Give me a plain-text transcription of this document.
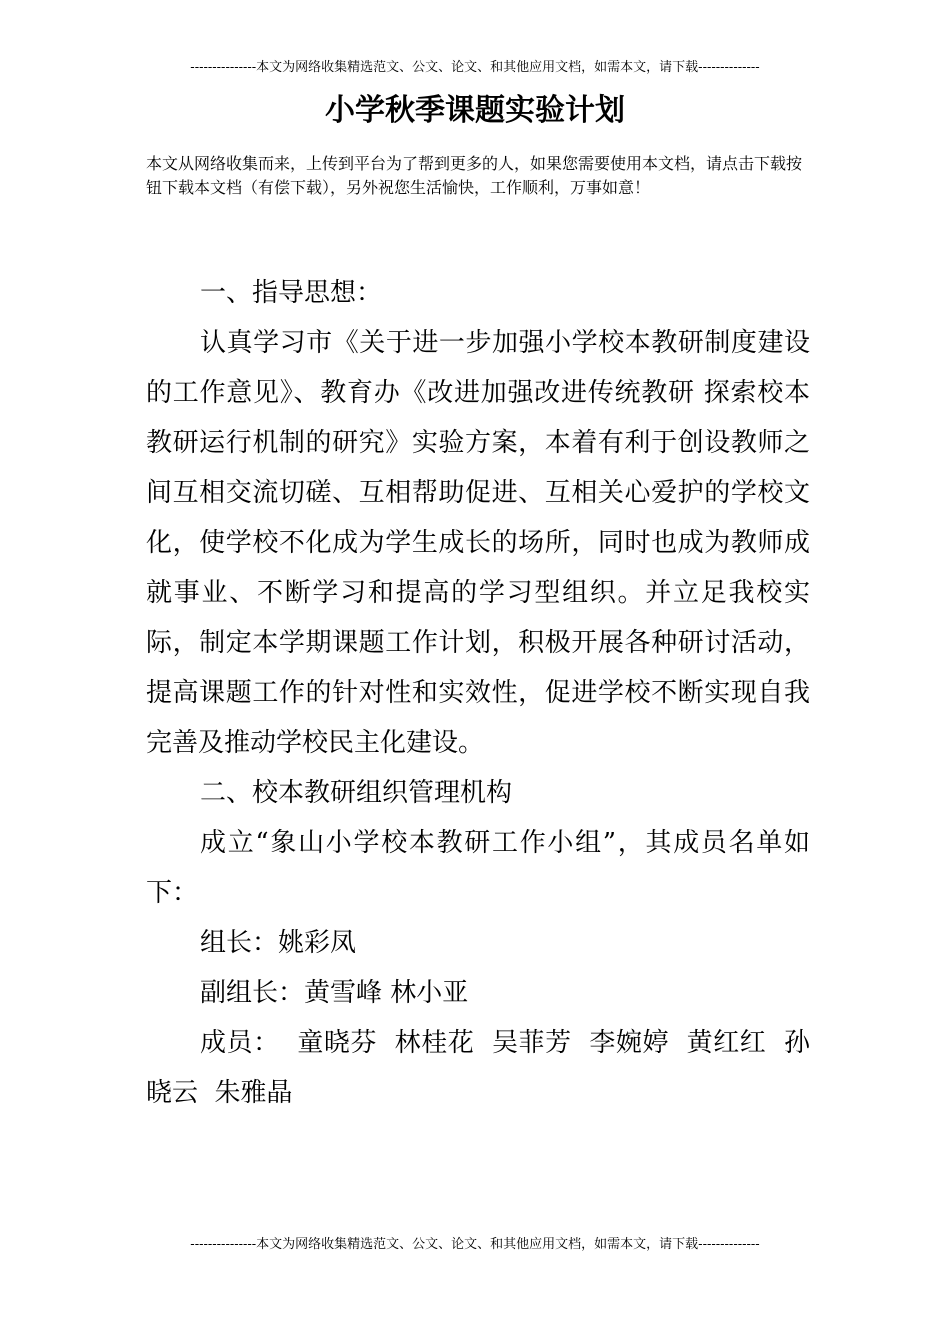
---------------本文为网络收集精选范文、公文、论文、和其他应用文档，如需本文，请下载--------------
小学秋季课题实验计划

本文从网络收集而来，上传到平台为了帮到更多的人，如果您需要使用本文档，请点击下载按钮下载本文档（有偿下载），另外祝您生活愉快，工作顺利，万事如意！

一、指导思想：

认真学习市《关于进一步加强小学校本教研制度建设的工作意见》、教育办《改进加强改进传统教研 探索校本教研运行机制的研究》实验方案，本着有利于创设教师之间互相交流切磋、互相帮助促进、互相关心爱护的学校文化，使学校不化成为学生成长的场所，同时也成为教师成就事业、不断学习和提高的学习型组织。并立足我校实际，制定本学期课题工作计划，积极开展各种研讨活动，提高课题工作的针对性和实效性，促进学校不断实现自我完善及推动学校民主化建设。

二、校本教研组织管理机构

成立“象山小学校本教研工作小组”，其成员名单如下：

组长：姚彩凤

副组长：黄雪峰 林小亚

成员：  童晓芬  林桂花  吴菲芳  李婉婷  黄红红  孙晓云  朱雅晶

---------------本文为网络收集精选范文、公文、论文、和其他应用文档，如需本文，请下载--------------
